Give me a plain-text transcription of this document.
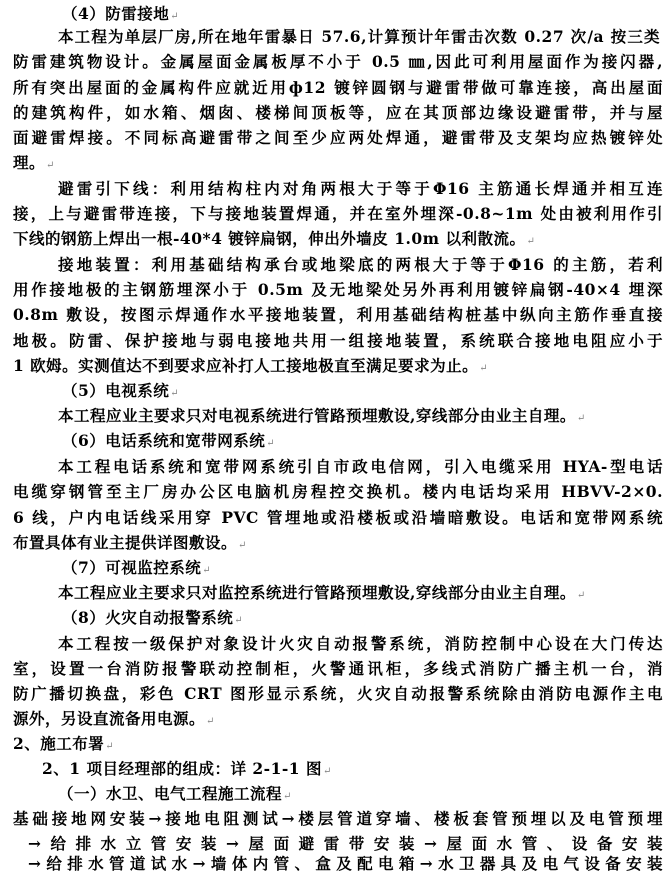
（4）防雷接地↵
本工程为单层厂房,所在地年雷暴日 57.6,计算预计年雷击次数 0.27 次/a 按三类
防雷建筑物设计。金属屋面金属板厚不小于 0.5 ㎜,因此可利用屋面作为接闪器,
所有突出屋面的金属构件应就近用ф12 镀锌圆钢与避雷带做可靠连接，高出屋面
的建筑构件，如水箱、烟囱、楼梯间顶板等，应在其顶部边缘设避雷带，并与屋
面避雷焊接。不同标高避雷带之间至少应两处焊通，避雷带及支架均应热镀锌处
理。↵
避雷引下线：利用结构柱内对角两根大于等于Φ16 主筋通长焊通并相互连
接，上与避雷带连接，下与接地装置焊通，并在室外埋深-0.8~1m 处由被利用作引
下线的钢筋上焊出一根-40*4 镀锌扁钢，伸出外墙皮 1.0m 以利散流。↵
接地装置：利用基础结构承台或地梁底的两根大于等于Φ16 的主筋，若利
用作接地极的主钢筋埋深小于 0.5m 及无地梁处另外再利用镀锌扁钢-40×4 埋深
0.8m 敷设，按图示焊通作水平接地装置，利用基础结构桩基中纵向主筋作垂直接
地极。防雷、保护接地与弱电接地共用一组接地装置，系统联合接地电阻应小于
1 欧姆。实测值达不到要求应补打人工接地极直至满足要求为止。↵
（5）电视系统↵
本工程应业主要求只对电视系统进行管路预埋敷设,穿线部分由业主自理。↵
（6）电话系统和宽带网系统↵
本工程电话系统和宽带网系统引自市政电信网，引入电缆采用 HYA-型电话
电缆穿钢管至主厂房办公区电脑机房程控交换机。楼内电话均采用 HBVV-2×0.
6 线，户内电话线采用穿 PVC 管埋地或沿楼板或沿墙暗敷设。电话和宽带网系统
布置具体有业主提供详图敷设。↵
（7）可视监控系统↵
本工程应业主要求只对监控系统进行管路预埋敷设,穿线部分由业主自理。↵
（8）火灾自动报警系统↵
本工程按一级保护对象设计火灾自动报警系统，消防控制中心设在大门传达
室，设置一台消防报警联动控制柜，火警通讯柜，多线式消防广播主机一台，消
防广播切换盘，彩色 CRT 图形显示系统，火灾自动报警系统除由消防电源作主电
源外，另设直流备用电源。↵
2、施工布署↵
2、1 项目经理部的组成：详 2-1-1 图↵
（一）水卫、电气工程施工流程↵
基础接地网安装→接地电阻测试→楼层管道穿墙、楼板套管预埋以及电管预埋
→给排水立管安装→屋面避雷带安装→屋面水管、设备安装
→给排水管道试水→墙体内管、盒及配电箱→水卫器具及电气设备安装
